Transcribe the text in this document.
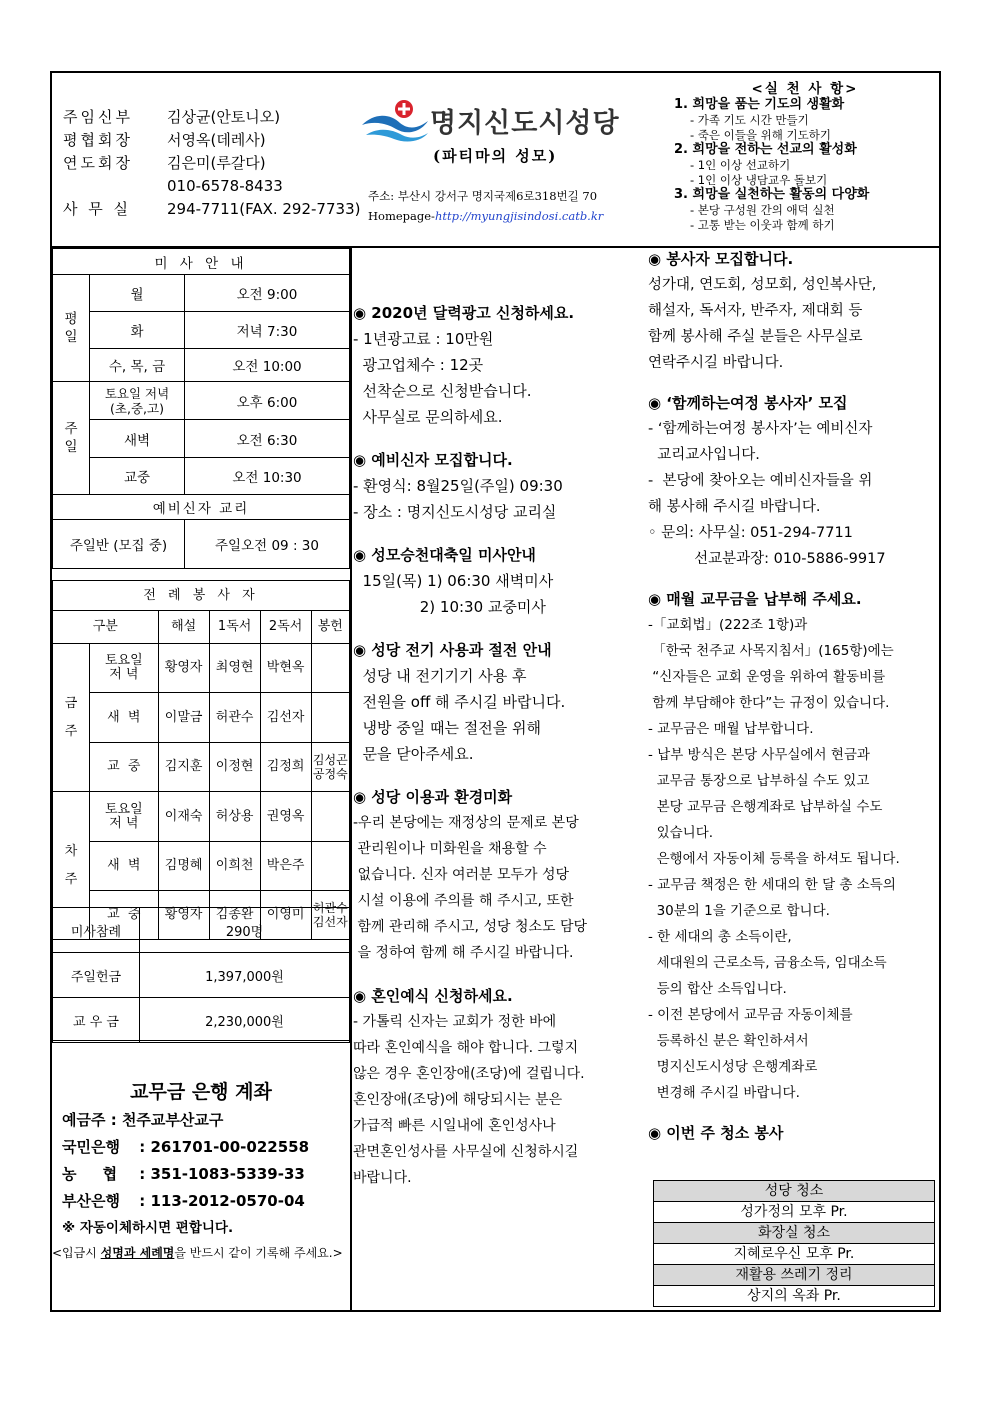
주임신부 김상균(안토니오)
평협회장 서영옥(데레사)
연도회장 김은미(루갈다)
010-6578-8433
사 무 실 294-7711(FAX. 292-7733)
명지신도시성당
(파티마의 성모)
주소: 부산시 강서구 명지국제6로318번길 70
Homepage-http://myungjisindosi.catb.kr
<실 천 사 항>
1. 희망을 품는 기도의 생활화
- 가족 기도 시간 만들기
- 죽은 이들을 위해 기도하기
2. 희망을 전하는 선교의 활성화
- 1인 이상 선교하기
- 1인 이상 냉담교우 돌보기
3. 희망을 실천하는 활동의 다양화
- 본당 구성원 간의 애덕 실천
- 고통 받는 이웃과 함께 하기
미 사 안 내		
평
일	월	오전 9:00
	화	저녁 7:30
	수, 목, 금	오전 10:00
주
일	토요일 저녁
(초,중,고)	오후 6:00
	새벽	오전 6:30
	교중	오전 10:30
예비신자 교리		
주일반 (모집 중)		주일오전 09 : 30
전 례 봉 사 자					
구분		해설	1독서	2독서	봉헌
금

주	토요일
저 녁	황영자	최영현	박현옥	
	새  벽	이말금	허관수	김선자	
	교  중	김지훈	이정현	김정희	김성곤
공정숙
차

주	토요일
저 녁	이재숙	허상용	권영옥	
	새  벽	김명혜	이희천	박은주	
	교  중	황영자	김종완	이영미	허관수
김선자
미사참례	290명
주일헌금	1,397,000원
교 우 금	2,230,000원
교무금 은행 계좌
예금주 : 천주교부산교구
국민은행 : 261701-00-022558
농     협 : 351-1083-5339-33
부산은행 : 113-2012-0570-04
※ 자동이체하시면 편합니다.
<입금시 성명과 세례명을 반드시 같이 기록해 주세요.>
◉ 2020년 달력광고 신청하세요.
- 1년광고료 : 10만원
광고업체수 : 12곳
선착순으로 신청받습니다.
사무실로 문의하세요.
◉ 예비신자 모집합니다.
- 환영식: 8월25일(주일) 09:30
- 장소 : 명지신도시성당 교리실
◉ 성모승천대축일 미사안내
15일(목) 1) 06:30 새벽미사
2) 10:30 교중미사
◉ 성당 전기 사용과 절전 안내
성당 내 전기기기 사용 후
전원을 off 해 주시길 바랍니다.
냉방 중일 때는 절전을 위해
문을 닫아주세요.
◉ 성당 이용과 환경미화
-우리 본당에는 재정상의 문제로 본당
관리원이나 미화원을 채용할 수
없습니다. 신자 여러분 모두가 성당
시설 이용에 주의를 해 주시고, 또한
함께 관리해 주시고, 성당 청소도 담당
을 정하여 함께 해 주시길 바랍니다.
◉ 혼인예식 신청하세요.
- 가톨릭 신자는 교회가 정한 바에
따라 혼인예식을 해야 합니다. 그렇지
않은 경우 혼인장애(조당)에 걸립니다.
혼인장애(조당)에 해당되시는 분은
가급적 빠른 시일내에 혼인성사나
관면혼인성사를 사무실에 신청하시길
바랍니다.
◉ 봉사자 모집합니다.
성가대, 연도회, 성모회, 성인복사단,
해설자, 독서자, 반주자, 제대회 등
함께 봉사해 주실 분들은 사무실로
연락주시길 바랍니다.
◉ ‘함께하는여정 봉사자’ 모집
- ‘함께하는여정 봉사자’는 예비신자
교리교사입니다.
-  본당에 찾아오는 예비신자들을 위
해 봉사해 주시길 바랍니다.
◦ 문의: 사무실: 051-294-7711
선교분과장: 010-5886-9917
◉ 매월 교무금을 납부해 주세요.
-「교회법」(222조 1항)과
「한국 천주교 사목지침서」(165항)에는
“신자들은 교회 운영을 위하여 활동비를
함께 부담해야 한다”는 규정이 있습니다.
- 교무금은 매월 납부합니다.
- 납부 방식은 본당 사무실에서 현금과
교무금 통장으로 납부하실 수도 있고
본당 교무금 은행계좌로 납부하실 수도
있습니다.
은행에서 자동이체 등록을 하셔도 됩니다.
- 교무금 책정은 한 세대의 한 달 총 소득의
30분의 1을 기준으로 합니다.
- 한 세대의 총 소득이란,
세대원의 근로소득, 금융소득, 임대소득
등의 합산 소득입니다.
- 이전 본당에서 교무금 자동이체를
등록하신 분은 확인하셔서
명지신도시성당 은행계좌로
변경해 주시길 바랍니다.
◉ 이번 주 청소 봉사
성당 청소
성가정의 모후 Pr.
화장실 청소
지혜로우신 모후 Pr.
재활용 쓰레기 정리
상지의 옥좌 Pr.
